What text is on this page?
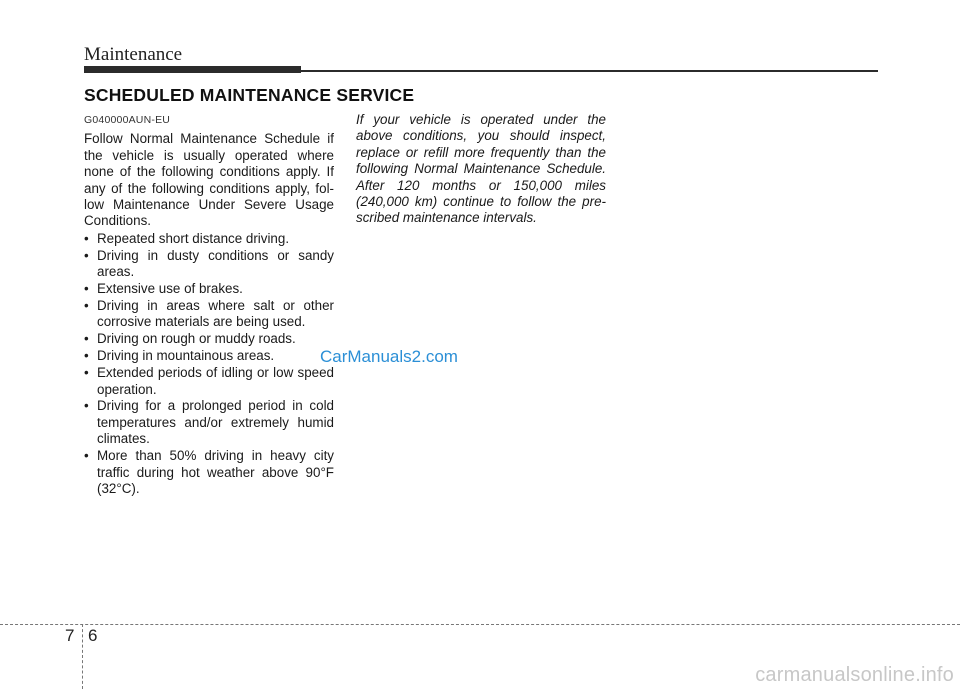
Maintenance
SCHEDULED MAINTENANCE SERVICE
G040000AUN-EU

Follow Normal Maintenance Schedule if the vehicle is usually operated where none of the following conditions apply. If any of the following conditions apply, fol-low Maintenance Under Severe Usage Conditions.

• Repeated short distance driving.
• Driving in dusty conditions or sandy areas.
• Extensive use of brakes.
• Driving in areas where salt or other corrosive materials are being used.
• Driving on rough or muddy roads.
• Driving in mountainous areas.
• Extended periods of idling or low speed operation.
• Driving for a prolonged period in cold temperatures and/or extremely humid climates.
• More than 50% driving in heavy city traffic during hot weather above 90°F (32°C).

If your vehicle is operated under the above conditions, you should inspect, replace or refill more frequently than the following Normal Maintenance Schedule. After 120 months or 150,000 miles (240,000 km) continue to follow the pre-scribed maintenance intervals.

CarManuals2.com
7 6
carmanualsonline.info
